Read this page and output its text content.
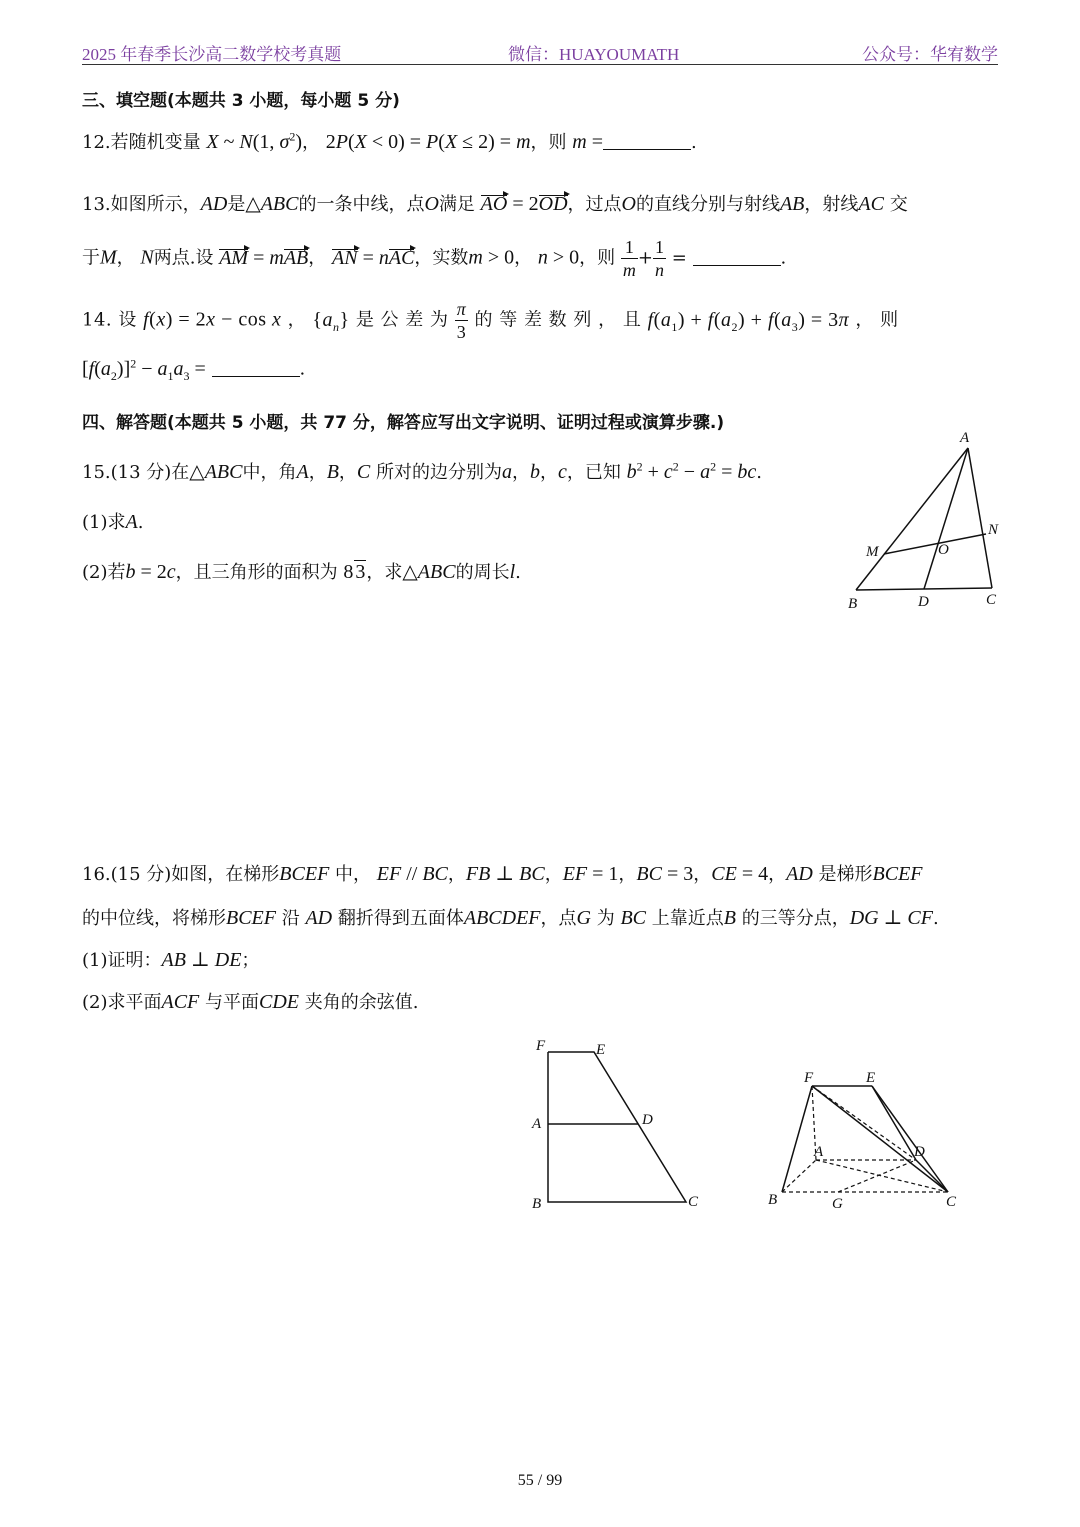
2025 年春季长沙高二数学校考真题	微信：HUAYOUMATH	公众号：华宥数学
三、填空题(本题共 3 小题，每小题 5 分)
12.若随机变量 X ~ N(1, $\sigma^2$)， 2P(X < 0) = P(X ≤ 2) = m，则 m =	.
13.如图所示，AD是△ABC的一条中线，点O满足 AO = 2OD，过点O的直线分别与射线AB，射线AC 交
于M， N两点.设 AM = mAB， AN = nAC，实数m > 0， n > 0，则 $\frac{1}{m} + \frac{1}{n}$ =	.
14. 设 f(x) = 2x − cos x ， $\{a_n\}$ 是 公 差 为 $\frac{\pi}{3}$ 的 等 差 数 列 ， 且 $f(a_1) + f(a_2) + f(a_3) = 3\pi$ ， 则
$[f(a_2)]^2 - a_1a_3$ =	.
四、解答题(本题共 5 小题，共 77 分，解答应写出文字说明、证明过程或演算步骤.)
15.(13 分)在△ABC中，角A，B，C 所对的边分别为a，b，c，已知 $b^2 + c^2 - a^2$ = bc.
(1)求A.
(2)若b = 2c，且三角形的面积为 8 3，求△ABC的周长l.
A
M	O
N
B	D	C
16.(15 分)如图，在梯形BCEF 中， EF // BC，FB ⊥ BC，EF = 1，BC = 3，CE = 4，AD 是梯形BCEF
的中位线，将梯形BCEF 沿 AD 翻折得到五面体ABCDEF，点G 为 BC 上靠近点B 的三等分点，DG ⊥ CF.
(1)证明：AB ⊥ DE；
(2)求平面ACF 与平面CDE 夹角的余弦值.
F	E
A	D
B	C
F	E
A	D
B	G	C
55 / 99
